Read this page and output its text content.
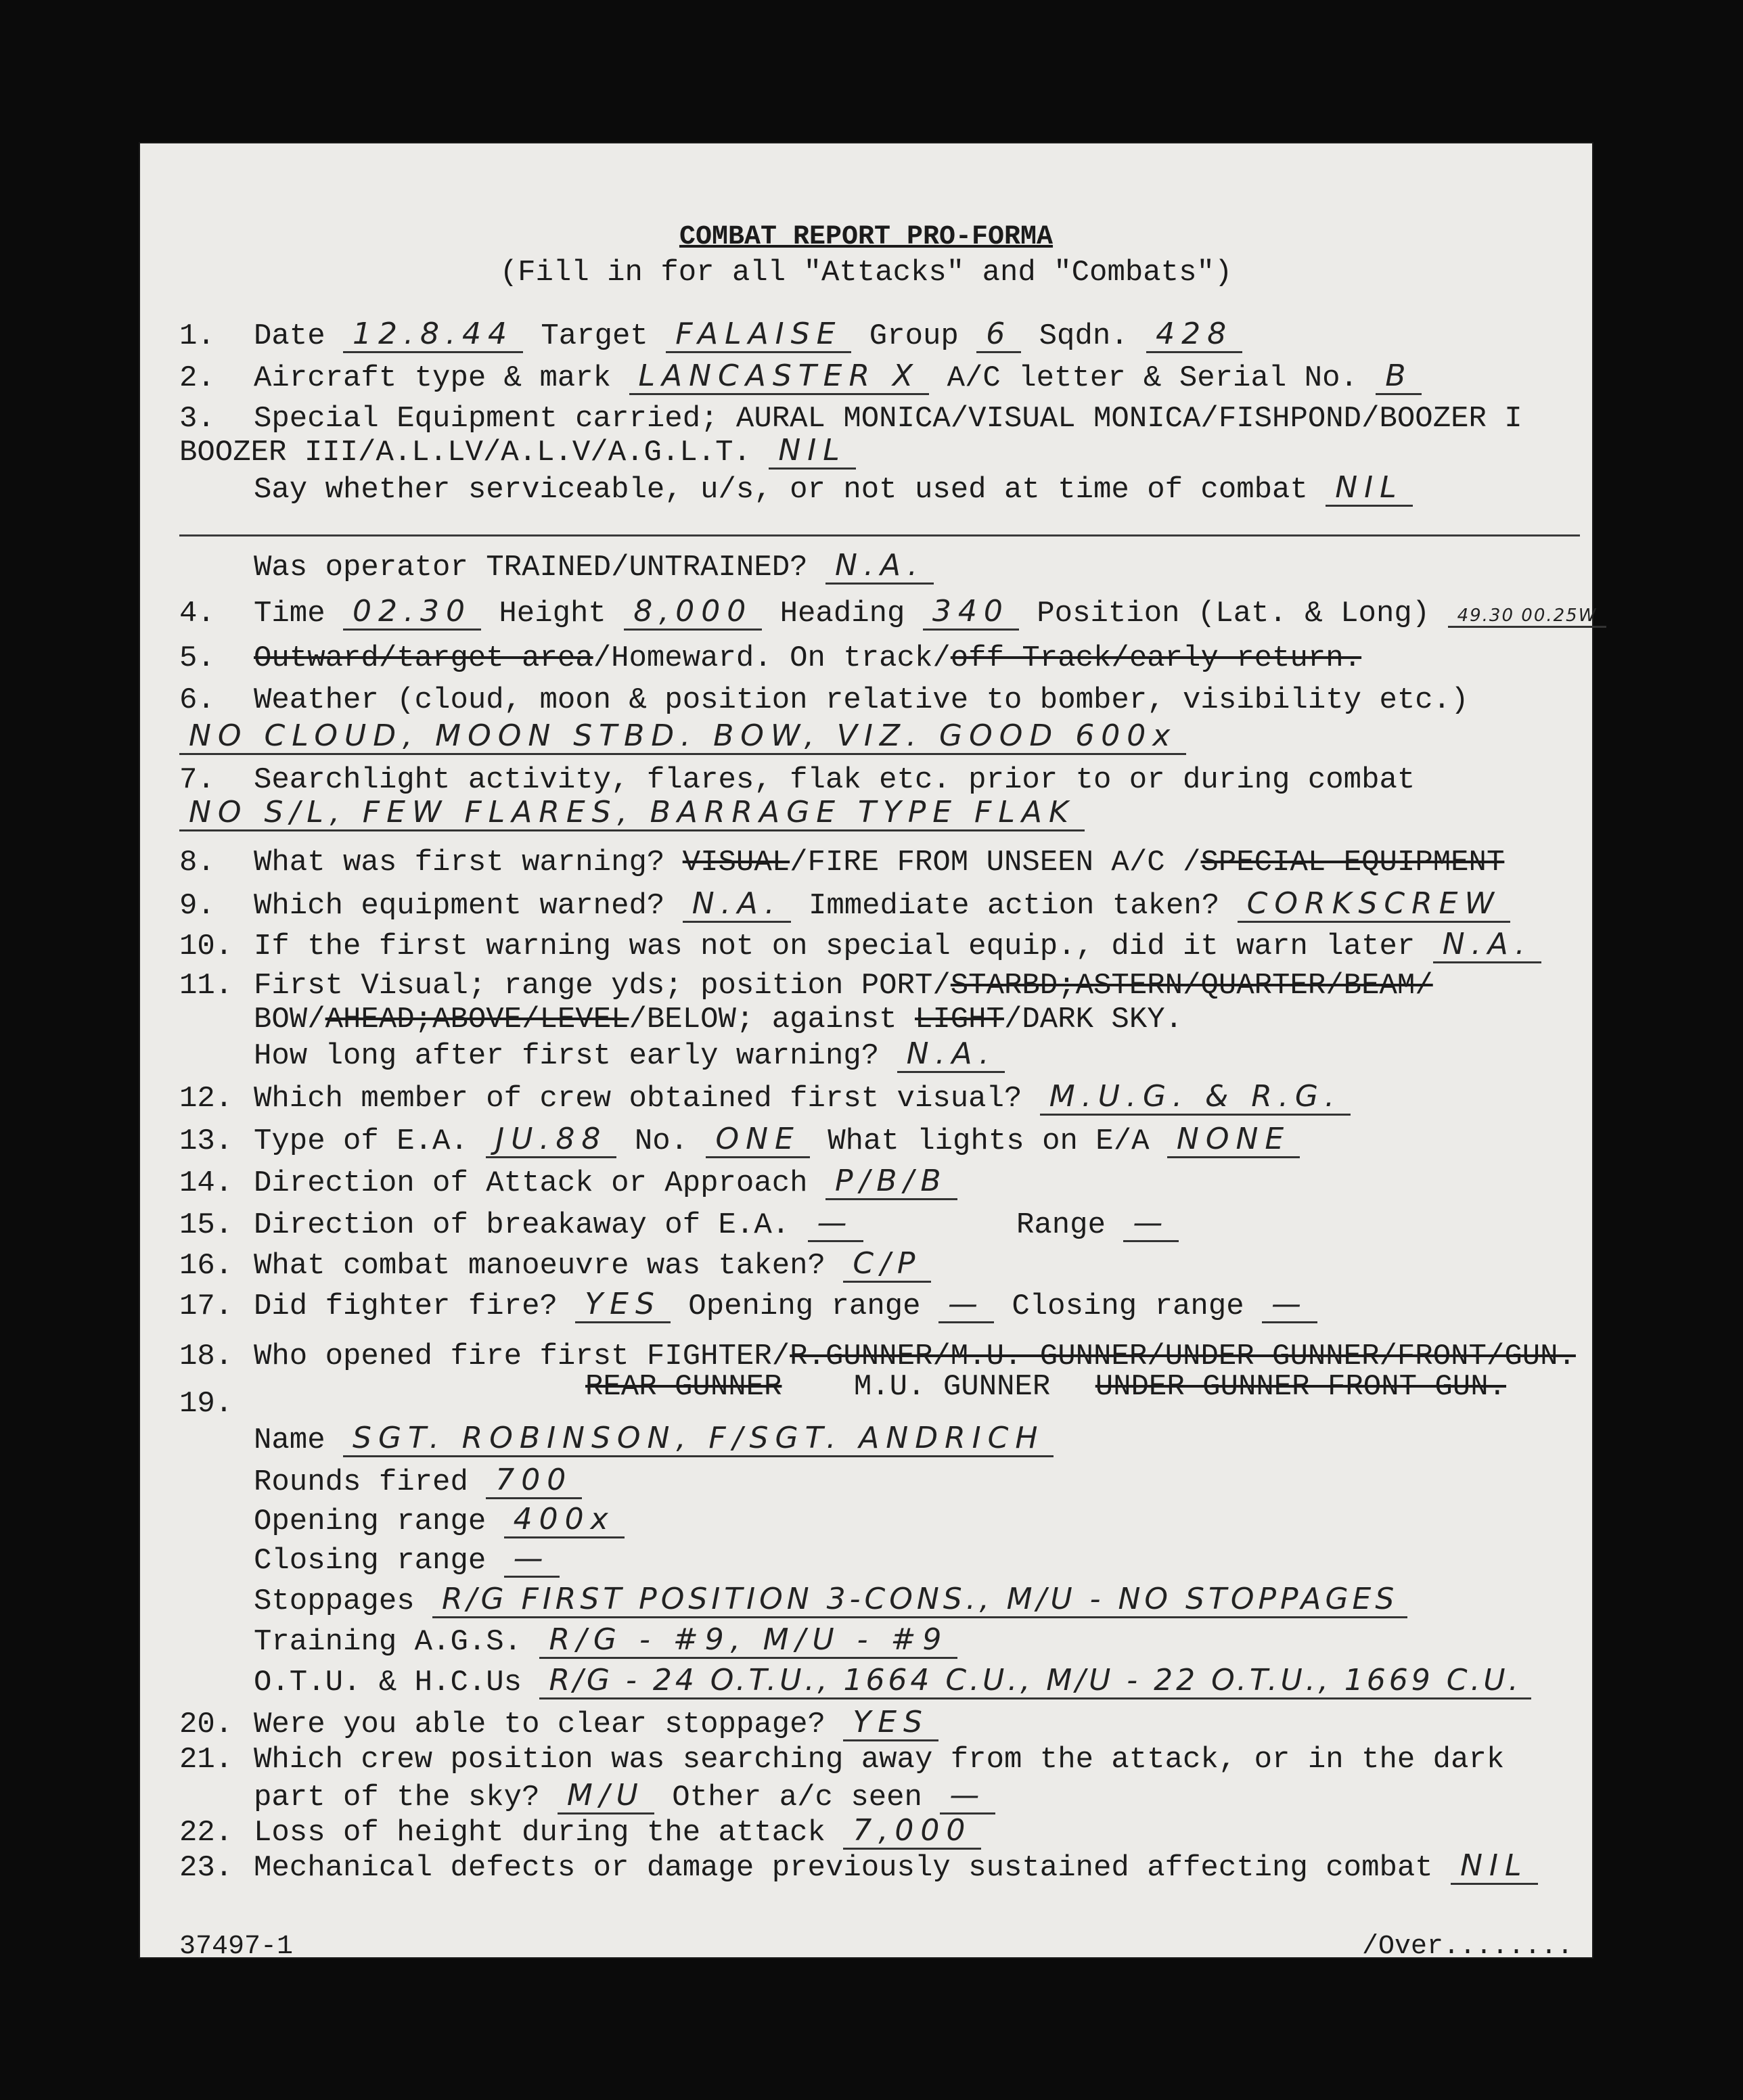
COMBAT REPORT PRO-FORMA
(Fill in for all "Attacks" and "Combats")
1. Date 12.8.44 Target FALAISE Group 6 Sqdn. 428
2. Aircraft type & mark LANCASTER X A/C letter & Serial No. B
3. Special Equipment carried; AURAL MONICA/VISUAL MONICA/FISHPOND/BOOZER I
BOOZER III/A.L.LV/A.L.V/A.G.L.T. NIL
Say whether serviceable, u/s, or not used at time of combat NIL
Was operator TRAINED/UNTRAINED? N.A.
4. Time 02.30 Height 8,000 Heading 340 Position (Lat. & Long) 49.30 00.25W
5. Outward/target area/Homeward. On track/off Track/early return.
6. Weather (cloud, moon & position relative to bomber, visibility etc.)
NO CLOUD, MOON STBD. BOW, VIZ. GOOD 600x
7. Searchlight activity, flares, flak etc. prior to or during combat
NO S/L, FEW FLARES, BARRAGE TYPE FLAK
8. What was first warning? VISUAL/FIRE FROM UNSEEN A/C /SPECIAL EQUIPMENT
9. Which equipment warned? N.A. Immediate action taken? CORKSCREW
10. If the first warning was not on special equip., did it warn later N.A.
11. First Visual; range yds; position PORT/STARBD;ASTERN/QUARTER/BEAM/
BOW/AHEAD;ABOVE/LEVEL/BELOW; against LIGHT/DARK SKY.
How long after first early warning? N.A.
12. Which member of crew obtained first visual? M.U.G. & R.G.
13. Type of E.A. JU.88 No. ONE What lights on E/A NONE
14. Direction of Attack or Approach P/B/B
15. Direction of breakaway of E.A. —	Range —
16. What combat manoeuvre was taken? C/P
17. Did fighter fire? YES Opening range — Closing range —
18. Who opened fire first FIGHTER/R.GUNNER/M.U. GUNNER/UNDER GUNNER/FRONT/GUN.
REAR GUNNER M.U. GUNNER UNDER GUNNER FRONT GUN.
19.
Name SGT. ROBINSON, F/SGT. ANDRICH
Rounds fired 700
Opening range 400x
Closing range —
Stoppages R/G FIRST POSITION 3-CONS., M/U - NO STOPPAGES
Training A.G.S. R/G - #9, M/U - #9
O.T.U. & H.C.Us R/G - 24 O.T.U., 1664 C.U., M/U - 22 O.T.U., 1669 C.U.
20. Were you able to clear stoppage? YES
21. Which crew position was searching away from the attack, or in the dark
part of the sky? M/U Other a/c seen —
22. Loss of height during the attack 7,000
23. Mechanical defects or damage previously sustained affecting combat NIL
37497-1	/Over........
